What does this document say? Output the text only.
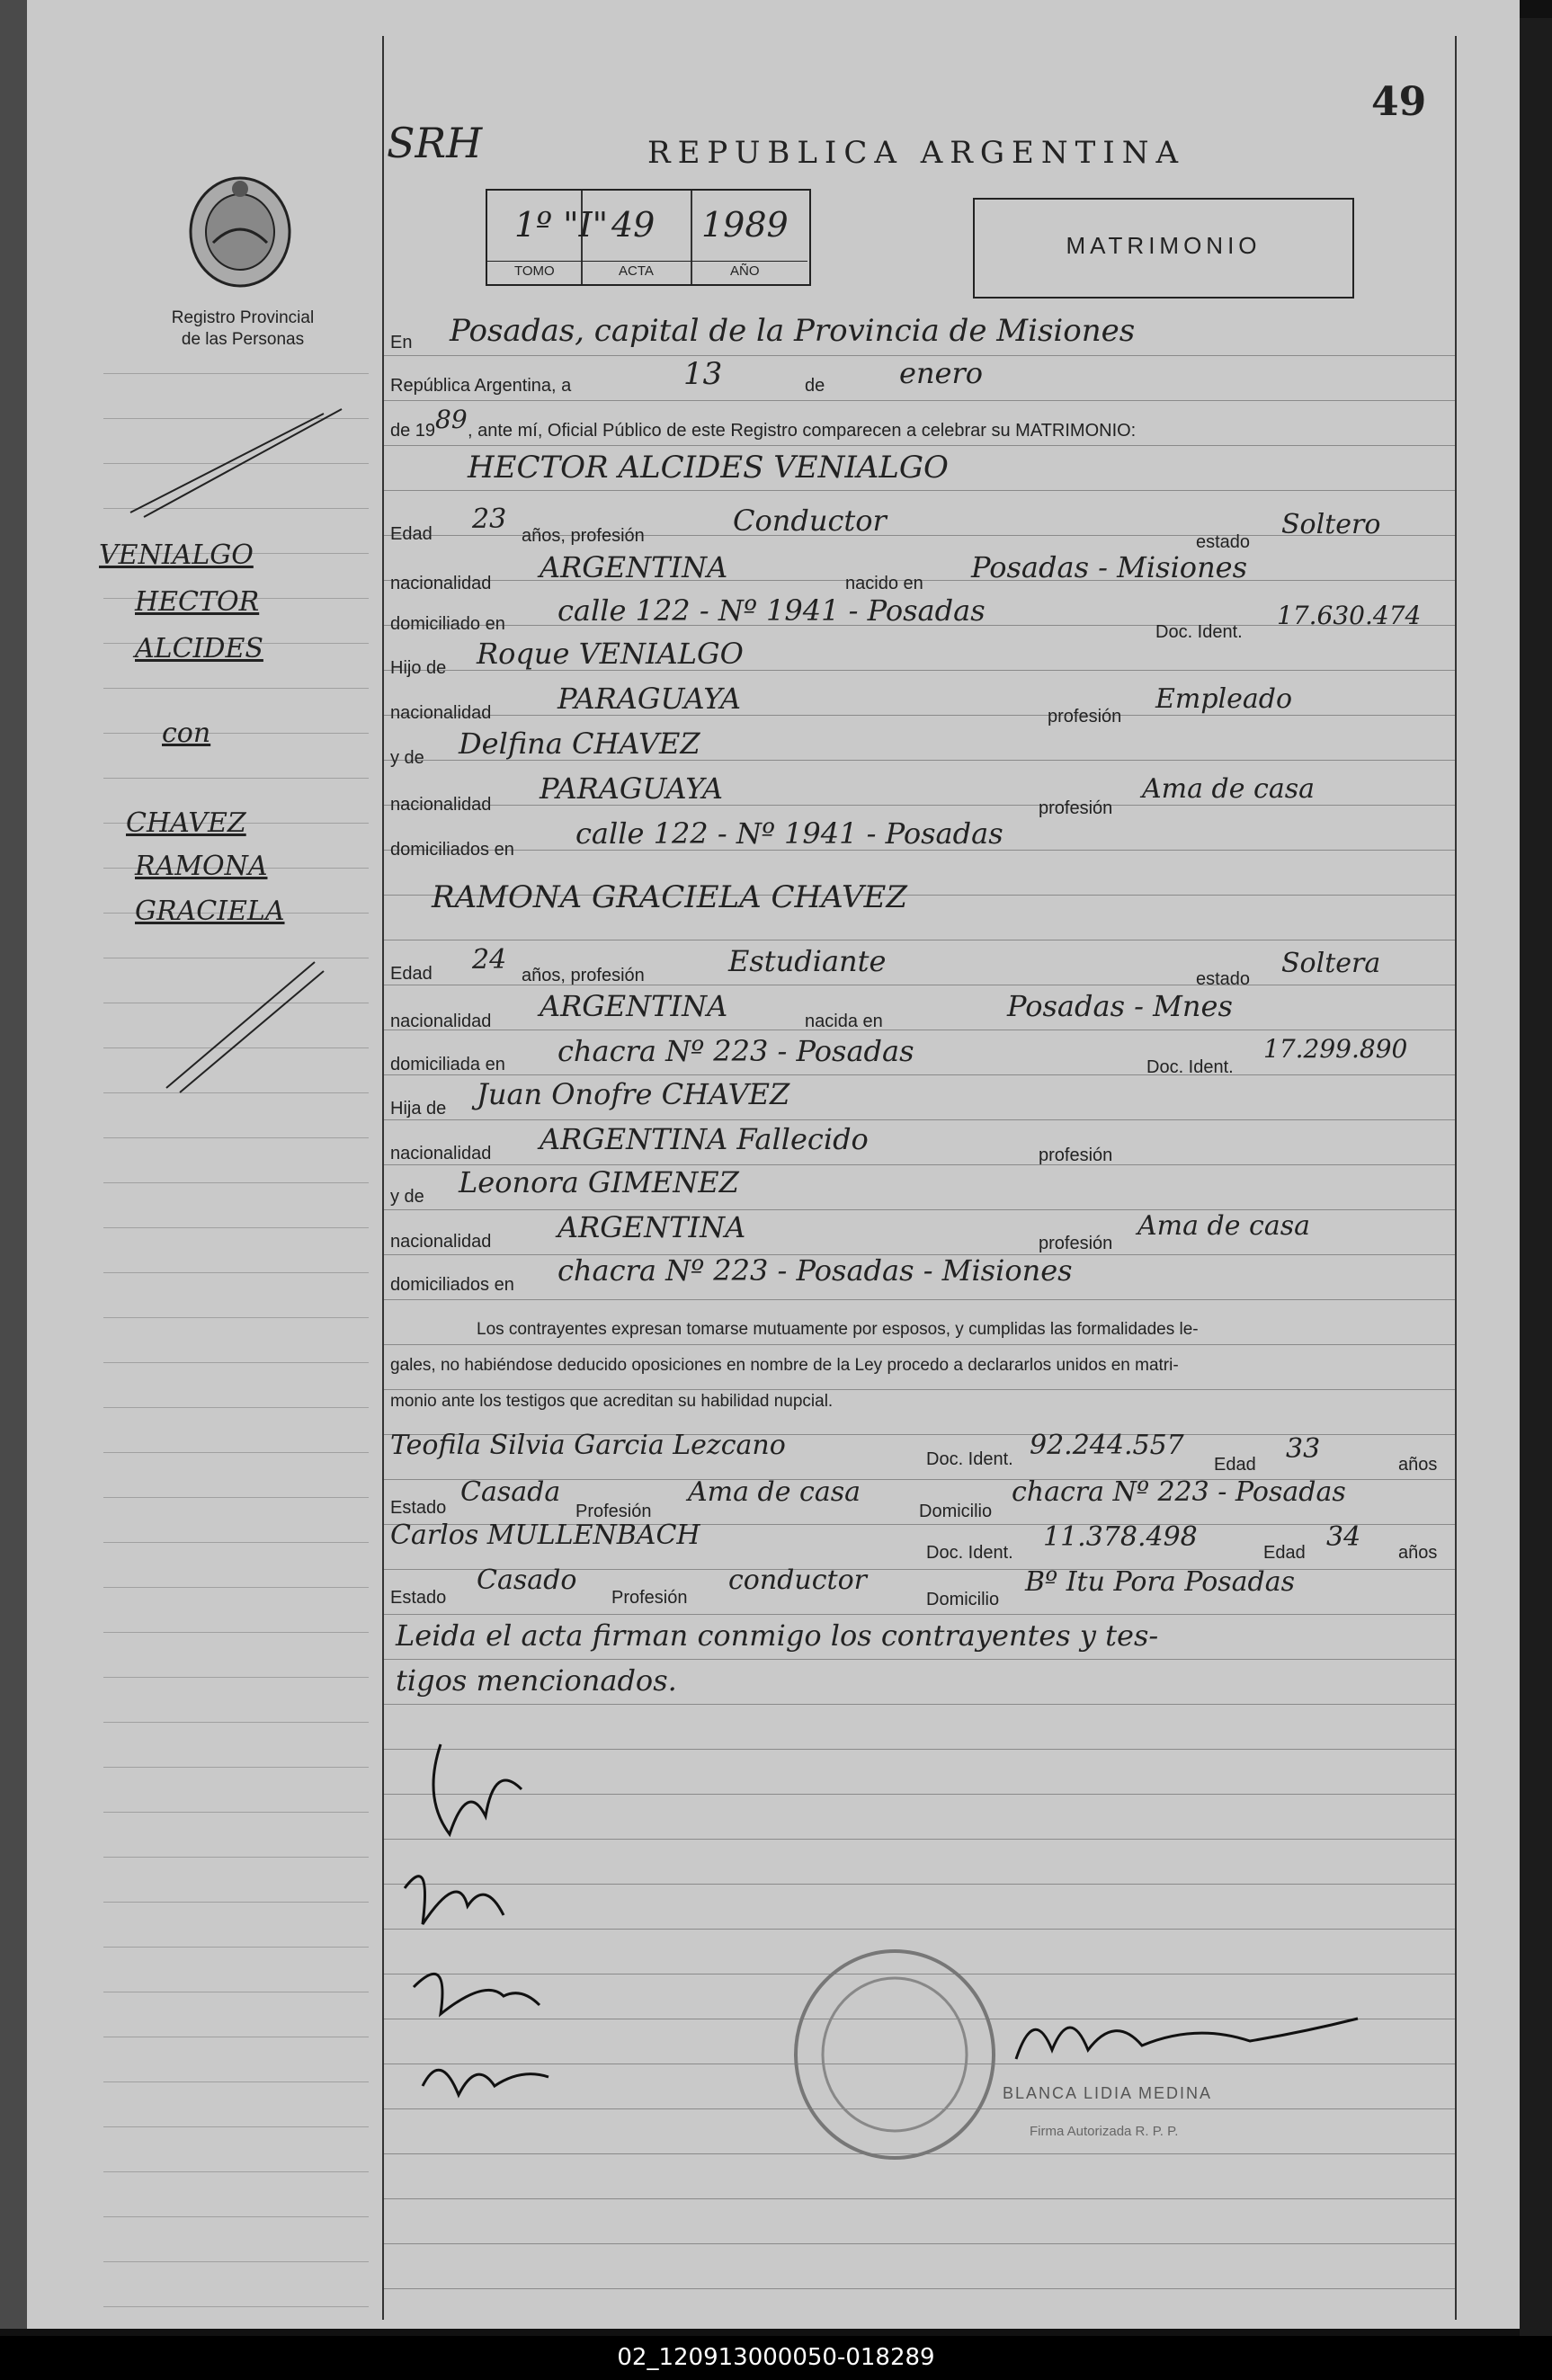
49
Registro Provincial
de las Personas
SRH	REPUBLICA ARGENTINA
1º "I" 49 1989
TOMO	ACTA	AÑO
MATRIMONIO
VENIALGO
HECTOR
ALCIDES
con
CHAVEZ
RAMONA
GRACIELA
En Posadas, capital de la Provincia de Misiones
República Argentina, a	13	de	enero
de 19 89 , ante mí, Oficial Público de este Registro comparecen a celebrar su MATRIMONIO:
HECTOR ALCIDES VENIALGO
Edad 23
años, profesión	Conductor
estado
Soltero
nacionalidad ARGENTINA	nacido en Posadas - Misiones
domiciliado en calle 122 - Nº 1941 - Posadas
Doc. Ident.
17.630.474
Hijo de Roque VENIALGO
nacionalidad PARAGUAYA
profesión
Empleado
y de Delfina CHAVEZ
nacionalidad PARAGUAYA
profesión
Ama de casa
domiciliados en calle 122 - Nº 1941 - Posadas
RAMONA GRACIELA CHAVEZ
Edad 24 años, profesión	Estudiante
estado Soltera
nacionalidad ARGENTINA	nacida en	Posadas - Mnes
domiciliada en chacra Nº 223 - Posadas	Doc. Ident.
17.299.890
Hija de Juan Onofre CHAVEZ
nacionalidad ARGENTINA Fallecido	profesión
y de Leonora GIMENEZ
nacionalidad ARGENTINA	profesión
Ama de casa
domiciliados en chacra Nº 223 - Posadas - Misiones
Los contrayentes expresan tomarse mutuamente por esposos, y cumplidas las formalidades le-
gales, no habiéndose deducido oposiciones en nombre de la Ley procedo a declararlos unidos en matri-
monio ante los testigos que acreditan su habilidad nupcial.
Teofila Silvia Garcia Lezcano	Doc. Ident. 92.244.557
Edad 33	años
Estado Casada
Profesión
Ama de casa
Domicilio
chacra Nº 223 - Posadas
Carlos MULLENBACH
Doc. Ident. 11.378.498	Edad 34 años
Estado
Casado
Profesión
conductor
Domicilio
Bº Itu Pora Posadas
Leida el acta firman conmigo los contrayentes y tes-
tigos mencionados.
BLANCA LIDIA MEDINA
Firma Autorizada R. P. P.
02_120913000050-018289
